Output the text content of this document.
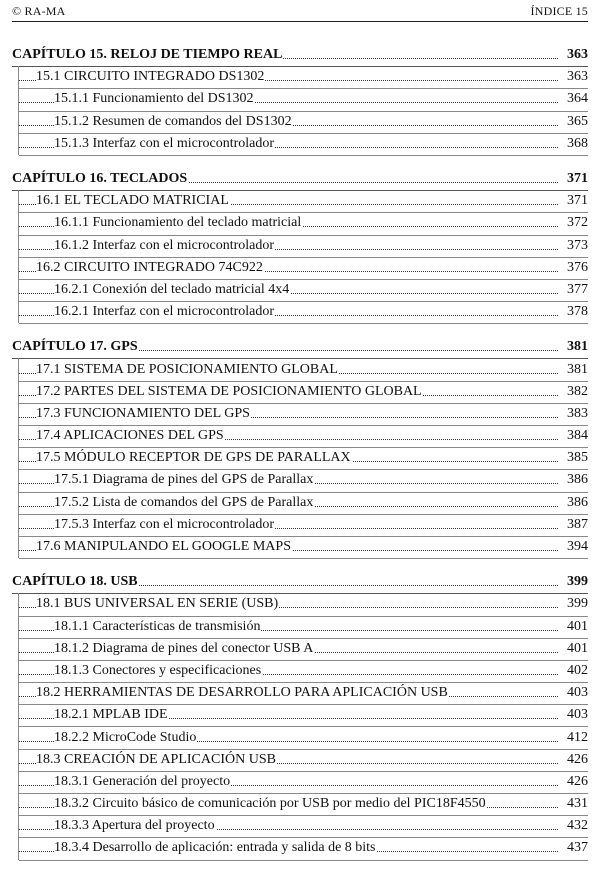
© RA-MA	ÍNDICE 15
CAPÍTULO 15. RELOJ DE TIEMPO REAL	363
15.1 CIRCUITO INTEGRADO DS1302	363
15.1.1 Funcionamiento del DS1302	364
15.1.2 Resumen de comandos del DS1302	365
15.1.3 Interfaz con el microcontrolador	368
CAPÍTULO 16. TECLADOS	371
16.1 EL TECLADO MATRICIAL	371
16.1.1 Funcionamiento del teclado matricial	372
16.1.2 Interfaz con el microcontrolador	373
16.2 CIRCUITO INTEGRADO 74C922	376
16.2.1 Conexión del teclado matricial 4x4	377
16.2.1 Interfaz con el microcontrolador	378
CAPÍTULO 17. GPS	381
17.1 SISTEMA DE POSICIONAMIENTO GLOBAL	381
17.2 PARTES DEL SISTEMA DE POSICIONAMIENTO GLOBAL	382
17.3 FUNCIONAMIENTO DEL GPS	383
17.4 APLICACIONES DEL GPS	384
17.5 MÓDULO RECEPTOR DE GPS DE PARALLAX	385
17.5.1 Diagrama de pines del GPS de Parallax	386
17.5.2 Lista de comandos del GPS de Parallax	386
17.5.3 Interfaz con el microcontrolador	387
17.6 MANIPULANDO EL GOOGLE MAPS	394
CAPÍTULO 18. USB	399
18.1 BUS UNIVERSAL EN SERIE (USB)	399
18.1.1 Características de transmisión	401
18.1.2 Diagrama de pines del conector USB A	401
18.1.3 Conectores y especificaciones	402
18.2 HERRAMIENTAS DE DESARROLLO PARA APLICACIÓN USB	403
18.2.1 MPLAB IDE	403
18.2.2 MicroCode Studio	412
18.3 CREACIÓN DE APLICACIÓN USB	426
18.3.1 Generación del proyecto	426
18.3.2 Circuito básico de comunicación por USB por medio del PIC18F4550	431
18.3.3 Apertura del proyecto	432
18.3.4 Desarrollo de aplicación: entrada y salida de 8 bits	437
